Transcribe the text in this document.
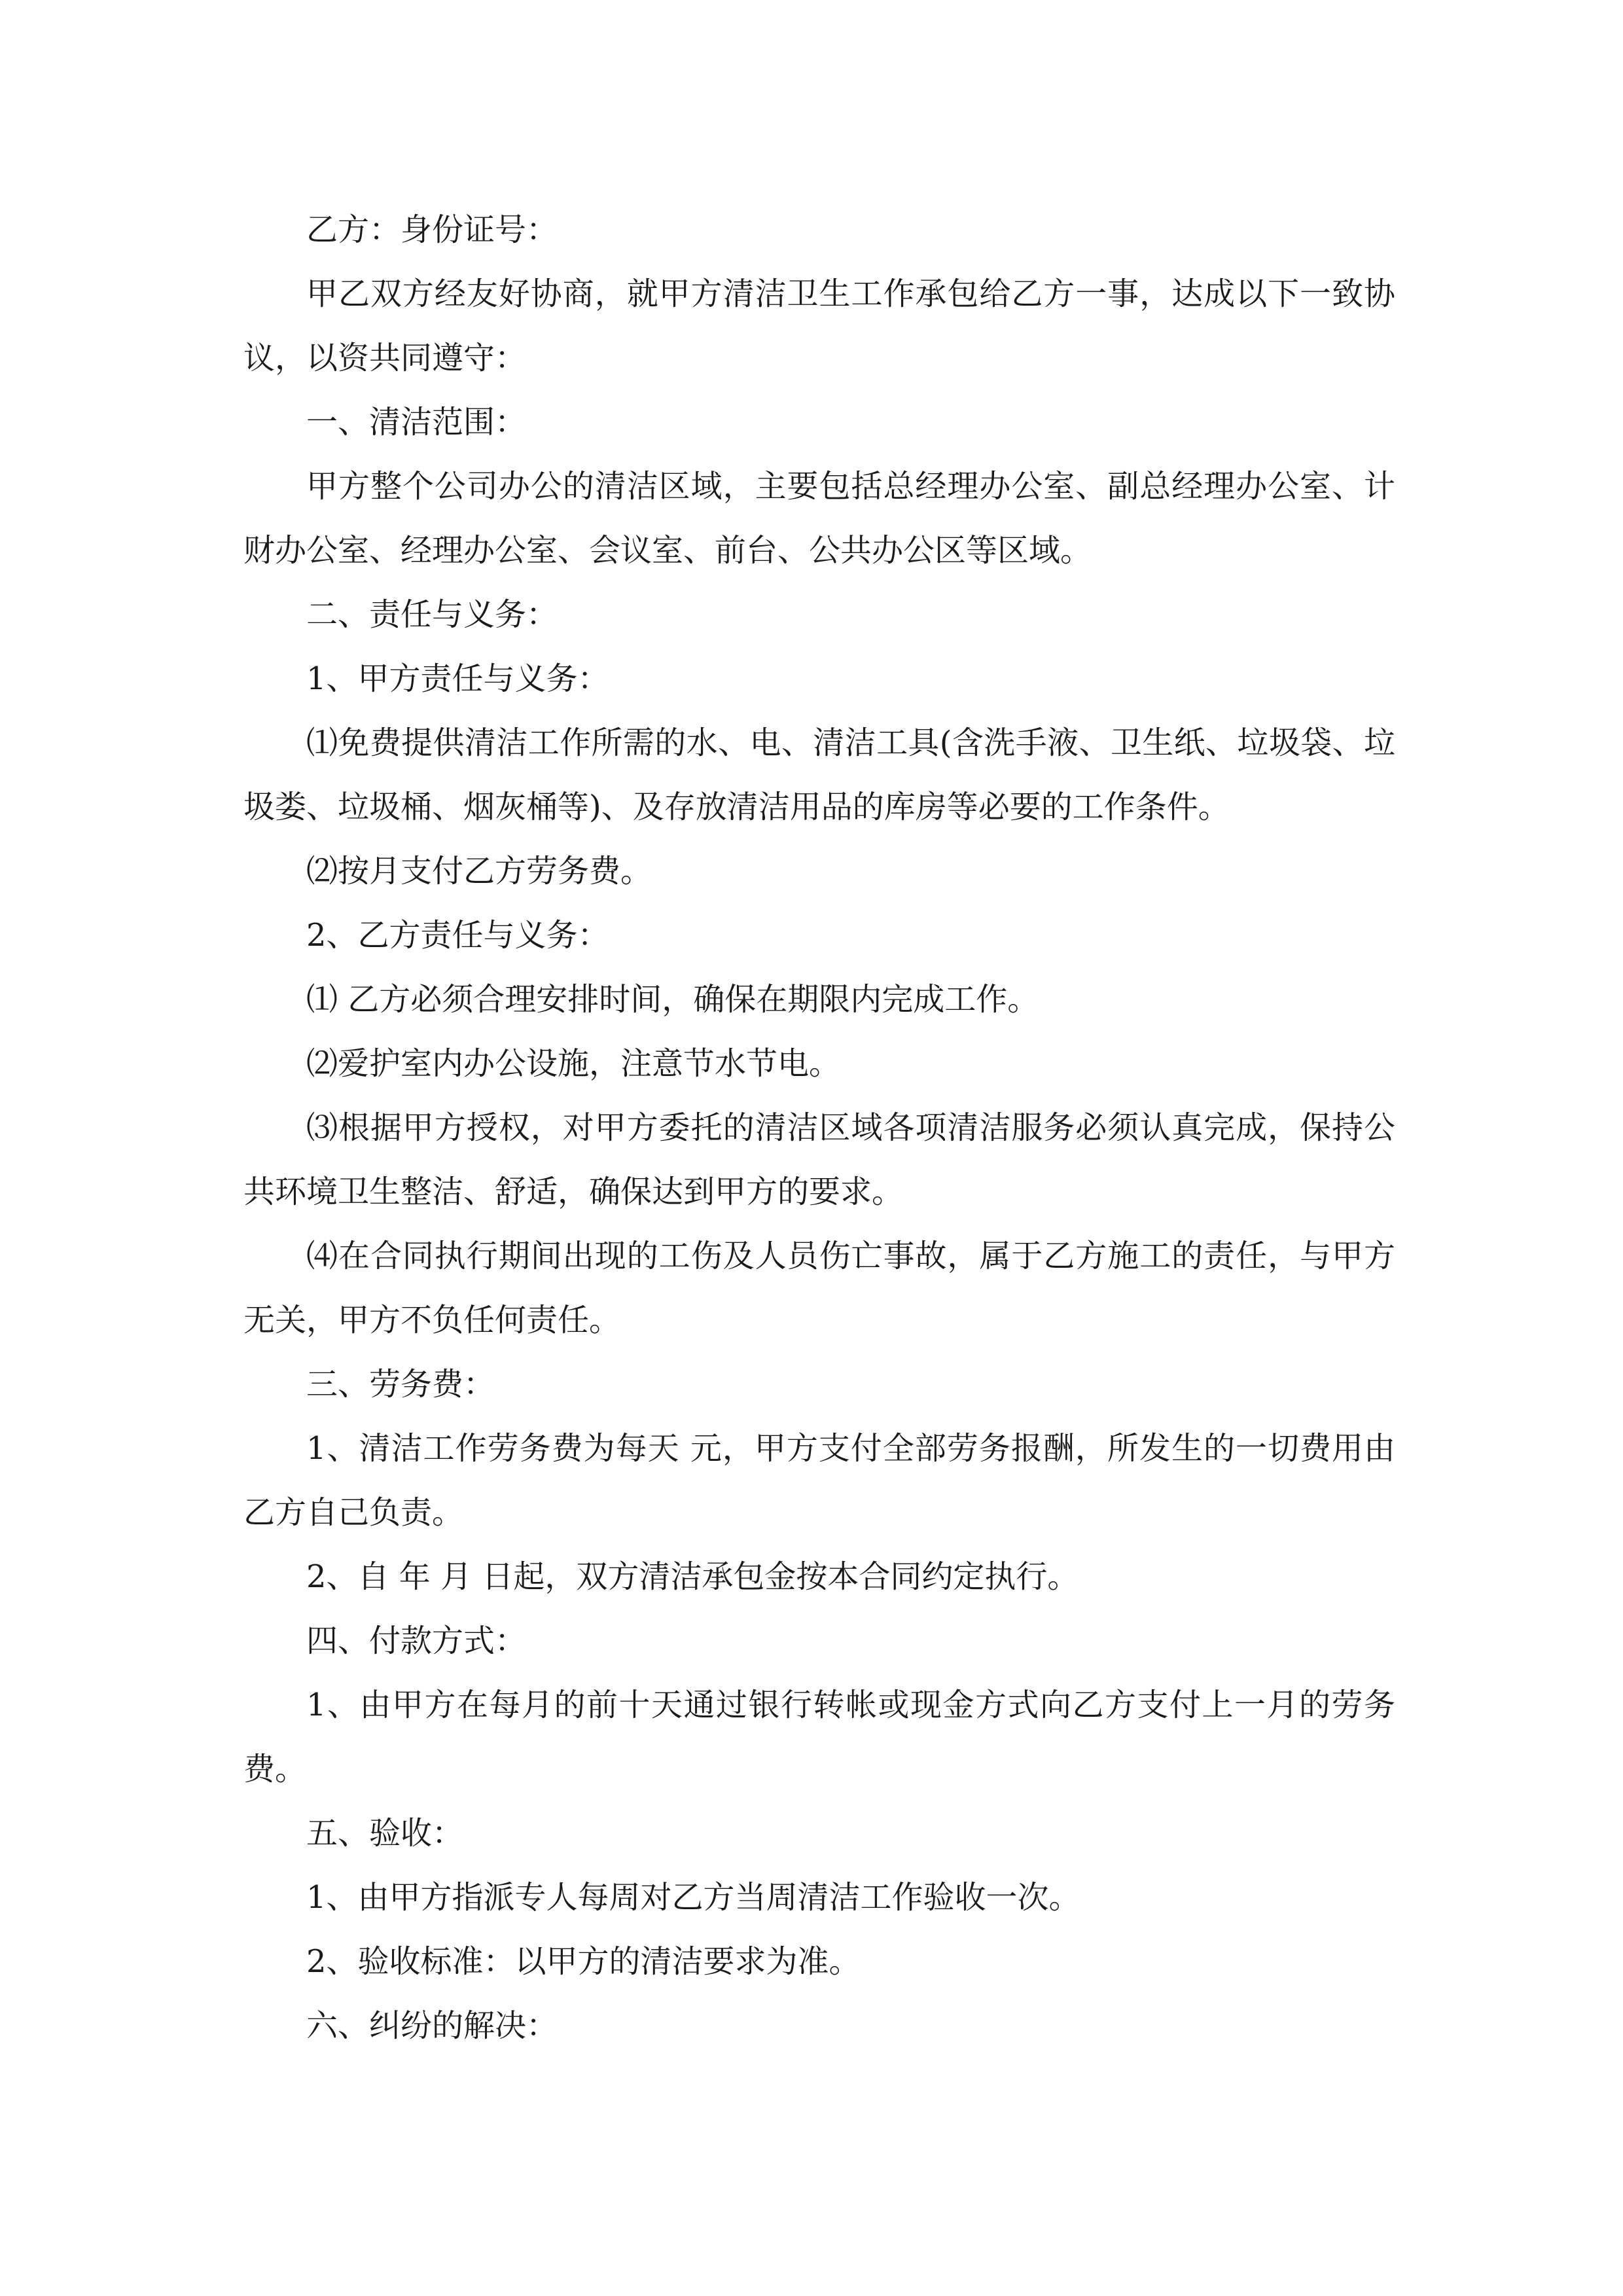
乙方：身份证号：

甲乙双方经友好协商，就甲方清洁卫生工作承包给乙方一事，达成以下一致协议，以资共同遵守：

一、清洁范围：

甲方整个公司办公的清洁区域，主要包括总经理办公室、副总经理办公室、计财办公室、经理办公室、会议室、前台、公共办公区等区域。

二、责任与义务：

1、甲方责任与义务：

⑴免费提供清洁工作所需的水、电、清洁工具(含洗手液、卫生纸、垃圾袋、垃圾娄、垃圾桶、烟灰桶等)、及存放清洁用品的库房等必要的工作条件。

⑵按月支付乙方劳务费。

2、乙方责任与义务：

⑴ 乙方必须合理安排时间，确保在期限内完成工作。

⑵爱护室内办公设施，注意节水节电。

⑶根据甲方授权，对甲方委托的清洁区域各项清洁服务必须认真完成，保持公共环境卫生整洁、舒适，确保达到甲方的要求。

⑷在合同执行期间出现的工伤及人员伤亡事故，属于乙方施工的责任，与甲方无关，甲方不负任何责任。

三、劳务费：

1、清洁工作劳务费为每天 元，甲方支付全部劳务报酬，所发生的一切费用由乙方自己负责。

2、自 年 月 日起，双方清洁承包金按本合同约定执行。

四、付款方式：

1、由甲方在每月的前十天通过银行转帐或现金方式向乙方支付上一月的劳务费。

五、验收：

1、由甲方指派专人每周对乙方当周清洁工作验收一次。

2、验收标准：以甲方的清洁要求为准。

六、纠纷的解决：
